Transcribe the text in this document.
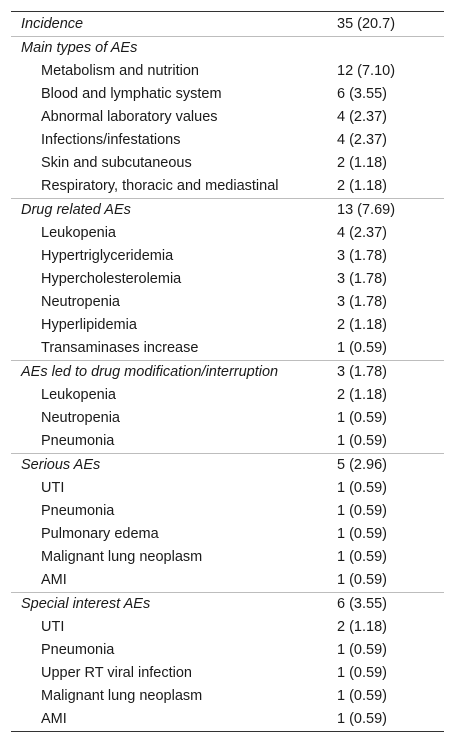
Incidence	35 (20.7)
Main types of AEs	
Metabolism and nutrition	12 (7.10)
Blood and lymphatic system	6 (3.55)
Abnormal laboratory values	4 (2.37)
Infections/infestations	4 (2.37)
Skin and subcutaneous	2 (1.18)
Respiratory, thoracic and mediastinal	2 (1.18)
Drug related AEs	13 (7.69)
Leukopenia	4 (2.37)
Hypertriglyceridemia	3 (1.78)
Hypercholesterolemia	3 (1.78)
Neutropenia	3 (1.78)
Hyperlipidemia	2 (1.18)
Transaminases increase	1 (0.59)
AEs led to drug modification/interruption	3 (1.78)
Leukopenia	2 (1.18)
Neutropenia	1 (0.59)
Pneumonia	1 (0.59)
Serious AEs	5 (2.96)
UTI	1 (0.59)
Pneumonia	1 (0.59)
Pulmonary edema	1 (0.59)
Malignant lung neoplasm	1 (0.59)
AMI	1 (0.59)
Special interest AEs	6 (3.55)
UTI	2 (1.18)
Pneumonia	1 (0.59)
Upper RT viral infection	1 (0.59)
Malignant lung neoplasm	1 (0.59)
AMI	1 (0.59)
